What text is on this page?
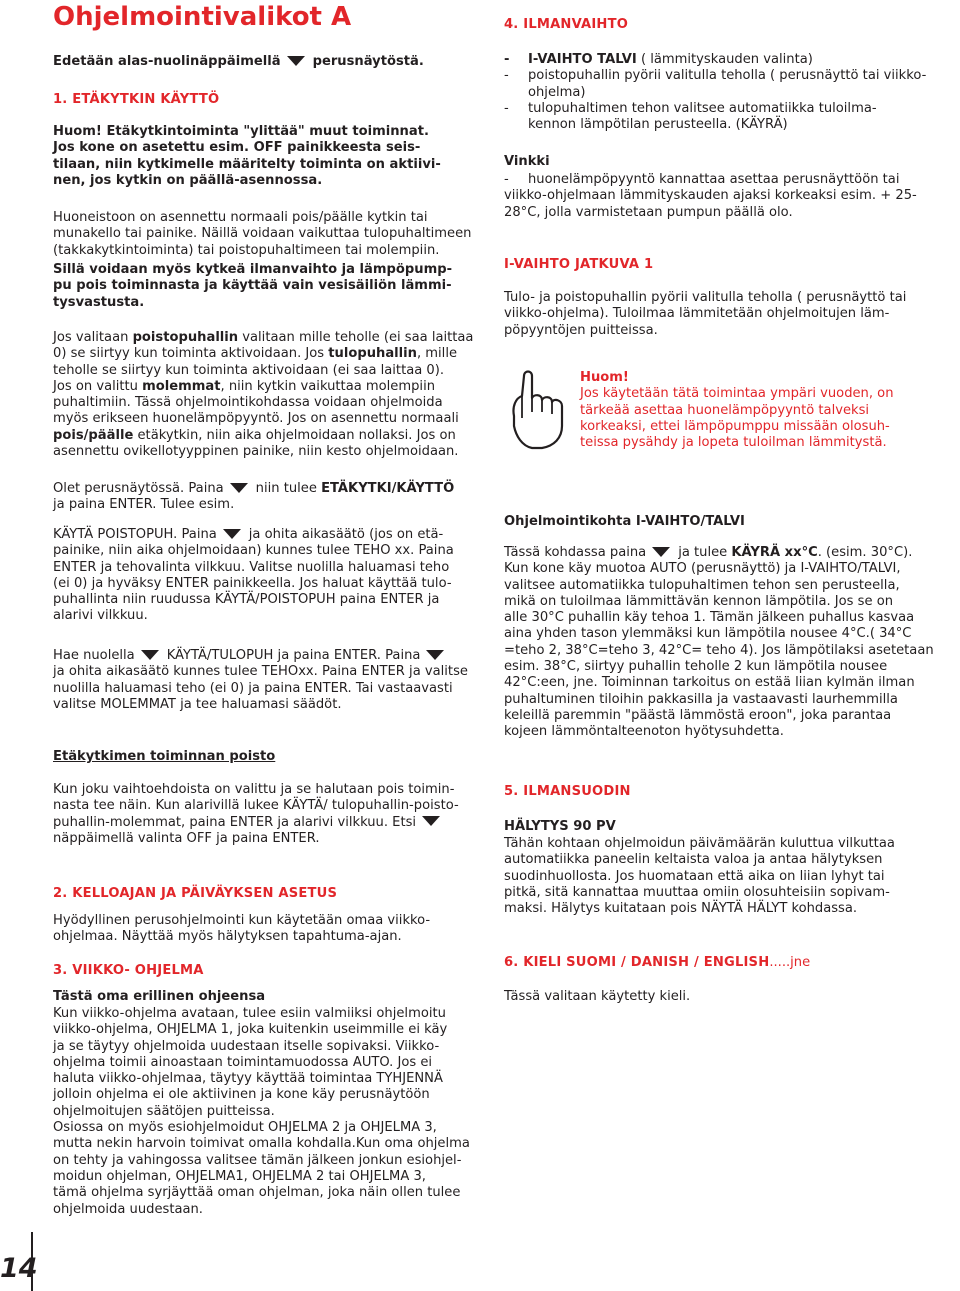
Ohjelmointivalikot A
Edetään alas-nuolinäppäimellä perusnäytöstä.
1. ETÄKYTKIN KÄYTTÖ
Huom! Etäkytkintoiminta "ylittää" muut toiminnat.
Jos kone on asetettu esim. OFF painikkeesta seis-
tilaan, niin kytkimelle määritelty toiminta on aktiivi-
nen, jos kytkin on päällä-asennossa.
Huoneistoon on asennettu normaali pois/päälle kytkin tai
munakello tai painike. Näillä voidaan vaikuttaa tulopuhaltimeen
(takkakytkintoiminta) tai poistopuhaltimeen tai molempiin.
Sillä voidaan myös kytkeä ilmanvaihto ja lämpöpump-
pu pois toiminnasta ja käyttää vain vesisäiliön lämmi-
tysvastusta.
Jos valitaan poistopuhallin valitaan mille teholle (ei saa laittaa
0) se siirtyy kun toiminta aktivoidaan. Jos tulopuhallin, mille
teholle se siirtyy kun toiminta aktivoidaan (ei saa laittaa 0).
Jos on valittu molemmat, niin kytkin vaikuttaa molempiin
puhaltimiin. Tässä ohjelmointikohdassa voidaan ohjelmoida
myös erikseen huonelämpöpyyntö. Jos on asennettu normaali
pois/päälle etäkytkin, niin aika ohjelmoidaan nollaksi. Jos on
asennettu ovikellotyyppinen painike, niin kesto ohjelmoidaan.
Olet perusnäytössä. Paina niin tulee ETÄKYTKI/KÄYTTÖ
ja paina ENTER. Tulee esim.
KÄYTÄ POISTOPUH. Paina ja ohita aikasäätö (jos on etä-
painike, niin aika ohjelmoidaan) kunnes tulee TEHO xx. Paina
ENTER ja tehovalinta vilkkuu. Valitse nuolilla haluamasi teho
(ei 0) ja hyväksy ENTER painikkeella. Jos haluat käyttää tulo-
puhallinta niin ruudussa KÄYTÄ/POISTOPUH paina ENTER ja
alarivi vilkkuu.
Hae nuolella KÄYTÄ/TULOPUH ja paina ENTER. Paina
ja ohita aikasäätö kunnes tulee TEHOxx. Paina ENTER ja valitse
nuolilla haluamasi teho (ei 0) ja paina ENTER. Tai vastaavasti
valitse MOLEMMAT ja tee haluamasi säädöt.
Etäkytkimen toiminnan poisto
Kun joku vaihtoehdoista on valittu ja se halutaan pois toimin-
nasta tee näin. Kun alarivillä lukee KÄYTÄ/ tulopuhallin-poisto-
puhallin-molemmat, paina ENTER ja alarivi vilkkuu. Etsi
näppäimellä valinta OFF ja paina ENTER.
2. KELLOAJAN JA PÄIVÄYKSEN ASETUS
Hyödyllinen perusohjelmointi kun käytetään omaa viikko-
ohjelmaa. Näyttää myös hälytyksen tapahtuma-ajan.
3. VIIKKO- OHJELMA
Tästä oma erillinen ohjeensa
Kun viikko-ohjelma avataan, tulee esiin valmiiksi ohjelmoitu
viikko-ohjelma, OHJELMA 1, joka kuitenkin useimmille ei käy
ja se täytyy ohjelmoida uudestaan itselle sopivaksi. Viikko-
ohjelma toimii ainoastaan toimintamuodossa AUTO. Jos ei
haluta viikko-ohjelmaa, täytyy käyttää toimintaa TYHJENNÄ
jolloin ohjelma ei ole aktiivinen ja kone käy perusnäytöön
ohjelmoitujen säätöjen puitteissa.
Osiossa on myös esiohjelmoidut OHJELMA 2 ja OHJELMA 3,
mutta nekin harvoin toimivat omalla kohdalla.Kun oma ohjelma
on tehty ja vahingossa valitsee tämän jälkeen jonkun esiohjel-
moidun ohjelman, OHJELMA1, OHJELMA 2 tai OHJELMA 3,
tämä ohjelma syrjäyttää oman ohjelman, joka näin ollen tulee
ohjelmoida uudestaan.
4. ILMANVAIHTO
-	I-VAIHTO TALVI ( lämmityskauden valinta)
-	poistopuhallin pyörii valitulla teholla ( perusnäyttö tai viikko-
ohjelma)
-	tulopuhaltimen tehon valitsee automatiikka tuloilma-
kennon lämpötilan perusteella. (KÄYRÄ)
Vinkki
-	huonelämpöpyyntö kannattaa asettaa perusnäyttöön tai
viikko-ohjelmaan lämmityskauden ajaksi korkeaksi esim. + 25-
28°C, jolla varmistetaan pumpun päällä olo.
I-VAIHTO JATKUVA 1
Tulo- ja poistopuhallin pyörii valitulla teholla ( perusnäyttö tai
viikko-ohjelma). Tuloilmaa lämmitetään ohjelmoitujen läm-
pöpyyntöjen puitteissa.
Huom!
Jos käytetään tätä toimintaa ympäri vuoden, on
tärkeää asettaa huonelämpöpyyntö talveksi
korkeaksi, ettei lämpöpumppu missään olosuh-
teissa pysähdy ja lopeta tuloilman lämmitystä.
Ohjelmointikohta I-VAIHTO/TALVI
Tässä kohdassa paina ja tulee KÄYRÄ xx°C. (esim. 30°C).
Kun kone käy muotoa AUTO (perusnäyttö) ja I-VAIHTO/TALVI,
valitsee automatiikka tulopuhaltimen tehon sen perusteella,
mikä on tuloilmaa lämmittävän kennon lämpötila. Jos se on
alle 30°C puhallin käy tehoa 1. Tämän jälkeen puhallus kasvaa
aina yhden tason ylemmäksi kun lämpötila nousee 4°C.( 34°C
=teho 2, 38°C=teho 3, 42°C= teho 4). Jos lämpötilaksi asetetaan
esim. 38°C, siirtyy puhallin teholle 2 kun lämpötila nousee
42°C:een, jne. Toiminnan tarkoitus on estää liian kylmän ilman
puhaltuminen tiloihin pakkasilla ja vastaavasti laurhemmilla
keleillä paremmin "päästä lämmöstä eroon", joka parantaa
kojeen lämmöntalteenoton hyötysuhdetta.
5. ILMANSUODIN
HÄLYTYS 90 PV
Tähän kohtaan ohjelmoidun päivämäärän kuluttua vilkuttaa
automatiikka paneelin keltaista valoa ja antaa hälytyksen
suodinhuollosta. Jos huomataan että aika on liian lyhyt tai
pitkä, sitä kannattaa muuttaa omiin olosuhteisiin sopivam-
maksi. Hälytys kuitataan pois NÄYTÄ HÄLYT kohdassa.
6. KIELI SUOMI / DANISH / ENGLISH.....jne
Tässä valitaan käytetty kieli.
14
